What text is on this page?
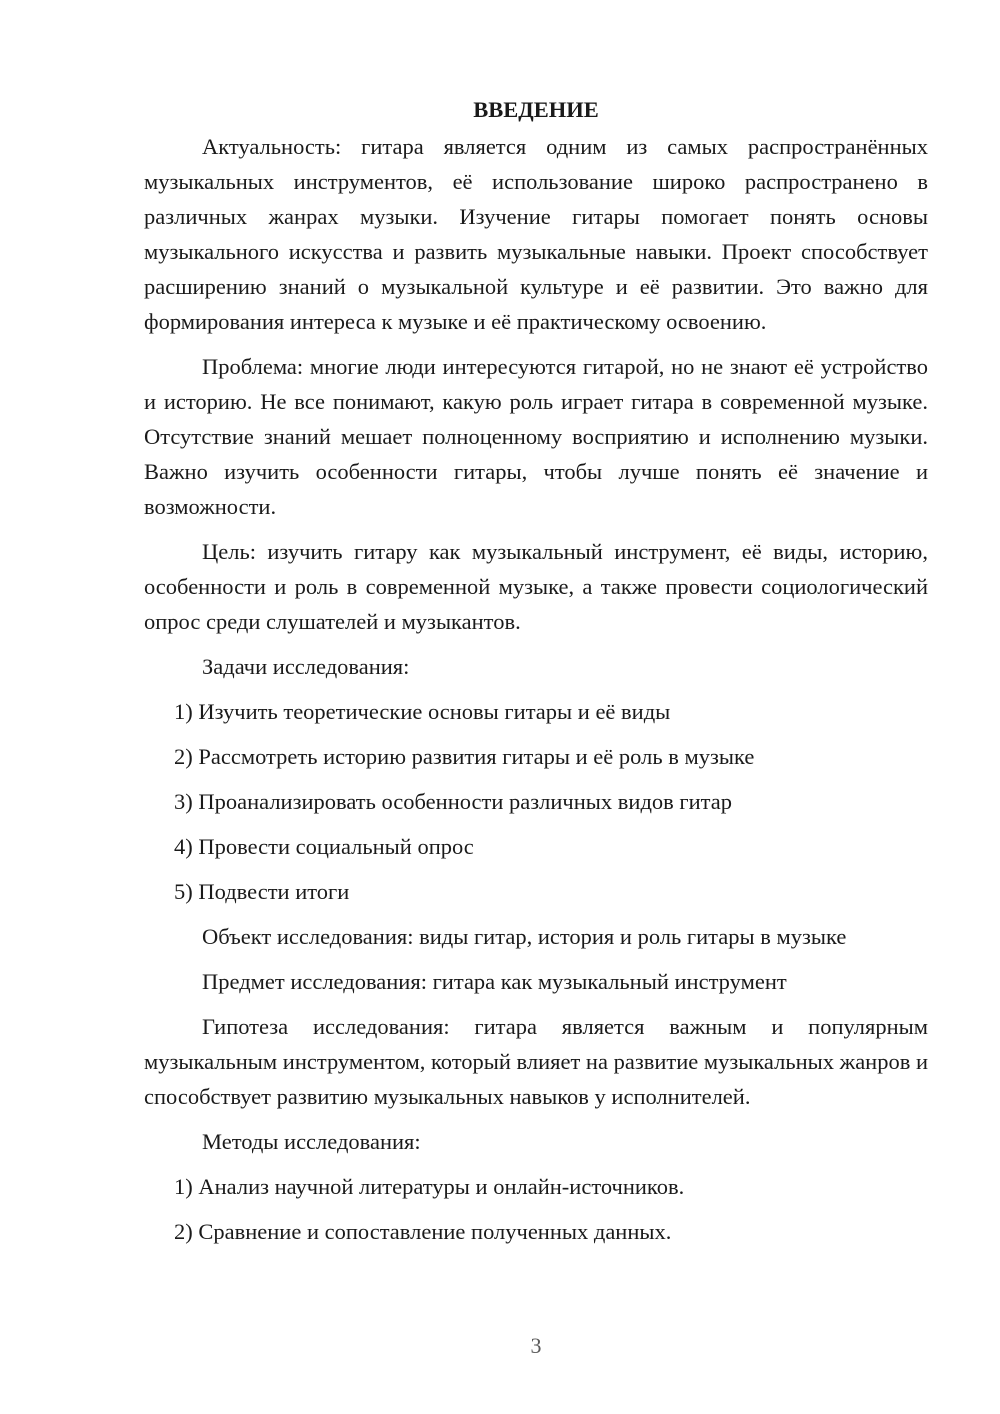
ВВЕДЕНИЕ

Актуальность: гитара является одним из самых распространённых музыкальных инструментов, её использование широко распространено в различных жанрах музыки. Изучение гитары помогает понять основы музыкального искусства и развить музыкальные навыки. Проект способствует расширению знаний о музыкальной культуре и её развитии. Это важно для формирования интереса к музыке и её практическому освоению.

Проблема: многие люди интересуются гитарой, но не знают её устройство и историю. Не все понимают, какую роль играет гитара в современной музыке. Отсутствие знаний мешает полноценному восприятию и исполнению музыки. Важно изучить особенности гитары, чтобы лучше понять её значение и возможности.

Цель: изучить гитару как музыкальный инструмент, её виды, историю, особенности и роль в современной музыке, а также провести социологический опрос среди слушателей и музыкантов.

Задачи исследования:
1) Изучить теоретические основы гитары и её виды
2) Рассмотреть историю развития гитары и её роль в музыке
3) Проанализировать особенности различных видов гитар
4) Провести социальный опрос
5) Подвести итоги
Объект исследования: виды гитар, история и роль гитары в музыке
Предмет исследования: гитара как музыкальный инструмент

Гипотеза исследования: гитара является важным и популярным музыкальным инструментом, который влияет на развитие музыкальных жанров и способствует развитию музыкальных навыков у исполнителей.

Методы исследования:
1) Анализ научной литературы и онлайн-источников.
2) Сравнение и сопоставление полученных данных.
3
